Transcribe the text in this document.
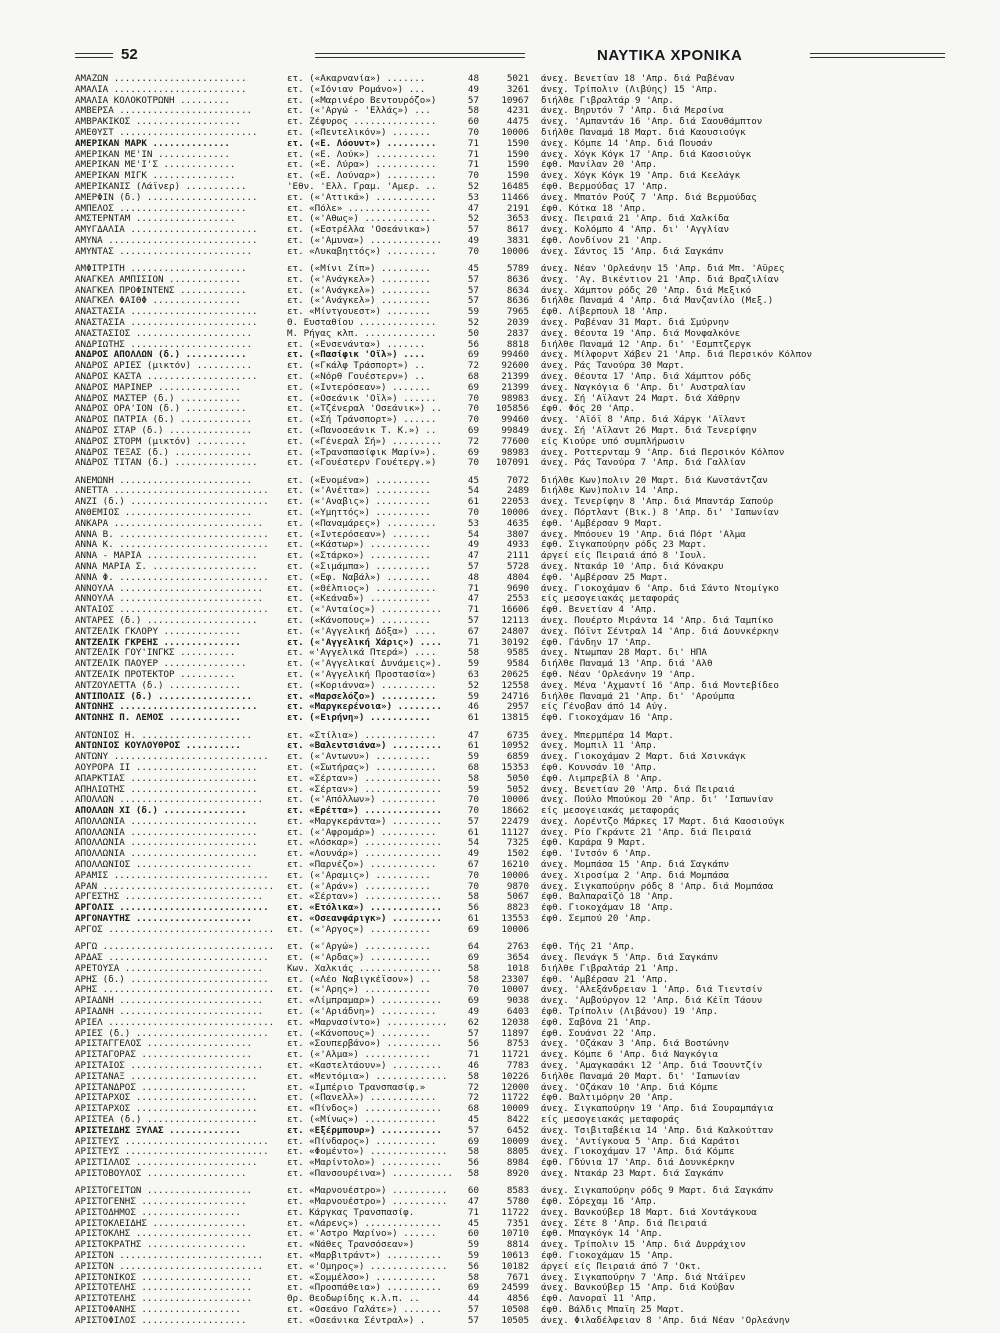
52	ΝΑΥΤΙΚΑ ΧΡΟΝΙΚΑ
ΑΜΑΖΩΝ ........................	ετ. («Ακαρνανία») .......	48	5021	άνεχ. Βενετίαν 18 'Απρ. διά Ραβέναν
ΑΜΑΛΙΑ ........................	ετ. («Ιόνιαν Ρομάνο») ...	49	3261	άνεχ. Τρίπολιν (Λιβύης) 15 'Απρ.
ΑΜΑΛΙΑ ΚΟΛΟΚΟΤΡΩΝΗ .........	ετ. («Μαρινέρο Βεντουρόζο»)	57	10967	διήλθε Γιβραλτάρ 9 'Απρ.
ΑΜΒΕΡΣΑ ........................	ετ. («'Αργώ - 'Ελλάς») ...	58	4231	άνεχ. Βηρυτόν 7 'Απρ. διά Μερσίνα
ΑΜΒΡΑΚΙΚΟΣ ...................	ετ. Ζέφυρος ...............	60	4475	άνεχ. 'Αμπαντάν 16 'Απρ. διά Σαουθάμπτον
ΑΜΕΘΥΣΤ .........................	ετ. («Πεντελικόν») .......	70	10006	διήλθε Παναμά 18 Μαρτ. διά Καουσιούγκ
ΑΜΕΡΙΚΑΝ ΜΑΡΚ ..............	ετ. («Ε. Λόουντ») .........	71	1590	άνεχ. Κόμπε 14 'Απρ. διά Πουσάν
ΑΜΕΡΙΚΑΝ ΜΕ'ΙΝ .............	ετ. («Ε. Λούκ») ...........	71	1590	άνεχ. Χόγκ Κόγκ 17 'Απρ. διά Καοσιούγκ
ΑΜΕΡΙΚΑΝ ΜΕ'Ι'Σ .............	ετ. («Ε. Λύρα») ...........	71	1590	έφθ. Μανίλαν 20 'Απρ.
ΑΜΕΡΙΚΑΝ ΜΙΓΚ ...............	ετ. («Ε. Λούναρ») .........	70	1590	άνεχ. Χόγκ Κόγκ 19 'Απρ. διά Κεελάγκ
ΑΜΕΡΙΚΑΝΙΣ (Λάϊνερ) ...........	'Εθν. 'Ελλ. Γραμ. 'Αμερ. ..	52	16485	έφθ. Βερμούδας 17 'Απρ.
ΑΜΕΡΦΙΝ (δ.) ....................	ετ. («'Αττικά») ...........	53	11466	άνεχ. Μπατόν Ρούζ 7 'Απρ. διά Βερμούδας
ΑΜΠΕΛΟΣ .......................	ετ. «Πόλε» ...............	47	2191	έφθ. Κότκα 18 'Απρ.
ΑΜΣΤΕΡΝΤΑΜ ..................	ετ. («'Αθως») .............	52	3653	άνεχ. Πειραιά 21 'Απρ. διά Χαλκίδα
ΑΜΥΓΔΑΛΙΑ .......................	ετ. («Εστρέλλα 'Οσεάνικα»)	57	8617	άνεχ. Κολόμπο 4 'Απρ. δι' 'Αγγλίαν
ΑΜΥΝΑ ...........................	ετ. («'Αμυνα») .............	49	3831	έφθ. Λονδίνον 21 'Απρ.
ΑΜΥΝΤΑΣ ........................	ετ. «Λυκαβηττός») .........	70	10006	άνεχ. Σάντος 15 'Απρ. διά Σαγκάπν
ΑΜΦΙΤΡΙΤΗ .....................	ετ. («Μίνι Ζίπ») .........	45	5789	άνεχ. Νέαν 'Ορλεάνην 15 'Απρ. διά Μπ. 'Αϋρες
ΑΝΑΓΚΕΛ ΑΜΠΙΣΙΟΝ .............	ετ. («'Ανάγκελ») .........	57	8636	άνεχ. 'Αγ. Βικέντιον 21 'Απρ. διά Βραζιλίαν
ΑΝΑΓΚΕΛ ΠΡΟΦΙΝΤΕΝΣ ............	ετ. («'Ανάγκελ») .........	57	8634	άνεχ. Χάμπτον ρόδς 20 'Απρ. διά Μεξικό
ΑΝΑΓΚΕΛ ΦΑΙΘΦ ................	ετ. («'Ανάγκελ») .........	57	8636	διήλθε Παναμά 4 'Απρ. διά Μανζανίλο (Μεξ.)
ΑΝΑΣΤΑΣΙΑ .......................	ετ. «Μίντγουεστ») ........	59	7965	έφθ. Λίβερπουλ 18 'Απρ.
ΑΝΑΣΤΑΣΙΑ .......................	Θ. Ευσταθίου ..............	52	2039	άνεχ. Ραβέναν 31 Μαρτ. διά Σμύρνην
ΑΝΑΣΤΑΣΙΟΣ .....................	Μ. Ρήγας κλπ. .............	50	2837	άνεχ. Θέουτα 19 'Απρ. διά Μονφαλκόνε
ΑΝΔΡΙΩΤΗΣ ......................	ετ. («Ενσενάντα») .......	56	8818	διήλθε Παναμά 12 'Απρ. δι' 'Εσμπτζεργκ
ΑΝΔΡΟΣ ΑΠΟΛΛΩΝ (δ.) ...........	ετ. («Πασίφικ 'Οϊλ») ....	69	99460	άνεχ. Μίλφορντ Χάβεν 21 'Απρ. διά Περσικόν Κόλπον
ΑΝΔΡΟΣ ΑΡΙΕΣ (μικτόν) ..........	ετ. («Γκάλφ Τράσπορτ») ..	72	92600	άνεχ. Ράς Τανούρα 30 Μαρτ.
ΑΝΔΡΟΣ ΚΑΣΤΑ ....................	ετ. («Νόρθ Γουέστερν») ..	68	21399	άνεχ. Θέουτα 17 'Απρ. διά Χάμπτον ρόδς
ΑΝΔΡΟΣ ΜΑΡΙΝΕΡ ...............	ετ. («Ιντερόσεαν») .......	69	21399	άνεχ. Ναγκόγια 6 'Απρ. δι' Αυστραλίαν
ΑΝΔΡΟΣ ΜΑΣΤΕΡ (δ.) ...........	ετ. («Οσεάνικ 'Οϊλ») ......	70	98983	άνεχ. Σή 'Αϊλαντ 24 Μαρτ. διά Χάθρην
ΑΝΔΡΟΣ ΟΡΑ'ΙΟΝ (δ.) ...........	ετ. («Τζένεραλ 'Οσεάνικ») ..	70	105856	έφθ. Φός 20 'Απρ.
ΑΝΔΡΟΣ ΠΑΤΡΙΑ (δ.) .............	ετ. («Σή Τράνσπορτ») ......	70	99460	άνεχ. 'Αϊόϊ 8 'Απρ. διά Χάργκ 'Αϊλαντ
ΑΝΔΡΟΣ ΣΤΑΡ (δ.) ...............	ετ. («Πανοσεάνικ Τ. Κ.») ..	69	99849	άνεχ. Σή 'Αϊλαντ 26 Μαρτ. διά Τενερίφην
ΑΝΔΡΟΣ ΣΤΟΡΜ (μικτόν) .........	ετ. («Γένεραλ Σή») .........	72	77600	είς Κιούρε υπό συμπλήρωσιν
ΑΝΔΡΟΣ ΤΕΞΑΣ (δ.) ..............	ετ. («Τρανσπασίφικ Μαρίν»).	69	98983	άνεχ. Ροττερνταμ 9 'Απρ. διά Περσικόν Κόλπον
ΑΝΔΡΟΣ ΤΙΤΑΝ (δ.) ...............	ετ. («Γουέστερν Γουέτεργ.»)	70	107091	άνεχ. Ράς Τανούρα 7 'Απρ. διά Γαλλίαν
ΑΝΕΜΩΝΗ ........................	ετ. («Ενομένα») ..........	45	7072	διήλθε Κων)πολιν 20 Μαρτ. διά Κωνστάντζαν
ΑΝΕΤΤΑ ............................	ετ. («'Ανέττα») ..........	54	2489	διήλθε Κων)πολιν 14 'Απρ.
ΑΝΖΙ (δ.) .........................	ετ. («'Αναβις») ..........	61	22053	άνεχ. Τενερίφην 8 'Απρ. διά Μπαντάρ Σαπούρ
ΑΝΘΕΜΙΟΣ .......................	ετ. («Υμηττός») ..........	70	10006	άνεχ. Πόρτλαντ (Βικ.) 8 'Απρ. δι' 'Ιαπωνίαν
ΑΝΚΑΡΑ ...........................	ετ. («Παναμάρες») .........	53	4635	έφθ. 'Αμβέρσαν 9 Μαρτ.
ΑΝΝΑ Β. ...........................	ετ. («Ιντερόσεαν») .......	54	3807	άνεχ. Μπόουεν 19 'Απρ. διά Πόρτ 'Αλμα
ΑΝΝΑ Κ. ...........................	ετ. («Κάστωρ») ...........	49	4933	έφθ. Σιγκαπούρην ρόδς 23 Μαρτ.
ΑΝΝΑ - ΜΑΡΙΑ ....................	ετ. («Στάρκο») ...........	47	2111	άργεί είς Πειραιά άπό 8 'Ιουλ.
ΑΝΝΑ ΜΑΡΙΑ Σ. ...................	ετ. («Σιμάμπα») ..........	57	5728	άνεχ. Ντακάρ 10 'Απρ. διά Κόνακρυ
ΑΝΝΑ Φ. ...........................	ετ. («Εφ. Ναβάλ») ........	48	4804	έφθ. 'Αμβέρσαν 25 Μαρτ.
ΑΝΝΟΥΛΑ ..........................	ετ. («Θέλπιος») ...........	71	9690	άνεχ. Γιοκοχάμαν 6 'Απρ. διά Σάντο Ντομίγκο
ΑΝΝΟΥΛΑ ..........................	ετ. («Κεάναδ») ...........	47	2553	είς μεσογειακάς μεταφοράς
ΑΝΤΑΙΟΣ ...........................	ετ. («'Ανταίος») ...........	71	16606	έφθ. Βενετίαν 4 'Απρ.
ΑΝΤΑΡΕΣ (δ.) ....................	ετ. («Κάνοπους») .........	57	12113	άνεχ. Πουέρτο Μιράντα 14 'Απρ. διά Ταμπίκο
ΑΝΤΖΕΛΙΚ ΓΚΛΟΡΥ ..............	ετ. («'Αγγελική Δόξα») ....	67	24807	άνεχ. Πόϊντ Σέντραλ 14 'Απρ. διά Δουνκέρκην
ΑΝΤΖΕΛΙΚ ΓΚΡΕΗΣ ..............	ετ. («'Αγγελική Χάρις») ....	71	30192	έφθ. Γάνδην 17 'Απρ.
ΑΝΤΖΕΛΙΚ ΓΟΥ'ΙΝΓΚΣ ..........	ετ. «'Αγγελικά Πτερά») ....	58	9585	άνεχ. Ντωμπαν 28 Μαρτ. δι' ΗΠΑ
ΑΝΤΖΕΛΙΚ ΠΑΟΥΕΡ ...............	ετ. («'Αγγελικαί Δυνάμεις»).	59	9584	διήλθε Παναμά 13 'Απρ. διά 'Αλθ
ΑΝΤΖΕΛΙΚ ΠΡΟΤΕΚΤΟΡ ..........	ετ. («'Αγγελική Προστασία»)	63	20625	έφθ. Νέαν 'Ορλεάνην 19 'Απρ.
ΑΝΤΖΟΥΛΕΤΤΑ (δ.) .............	ετ. («Κοριάννα») ..........	52	12558	άνεχ. Μένα 'Αχμαντί 16 'Απρ. διά Μοντεβίδεο
ΑΝΤΙΠΟΛΙΣ (δ.) .................	ετ. «Μαρσελόζο») ..........	59	24716	διήλθε Παναμά 21 'Απρ. δι' 'Αρούμπα
ΑΝΤΩΝΗΣ .........................	ετ. «Μαργκερένοια») ........	46	2957	είς Γένοβαν άπό 14 Αύγ.
ΑΝΤΩΝΗΣ Π. ΛΕΜΟΣ .............	ετ. («Ειρήνη») ...........	61	13815	έφθ. Γιοκοχάμαν 16 'Απρ.
ΑΝΤΩΝΙΟΣ Η. ....................	ετ. «Στίλια») .............	47	6735	άνεχ. Μπερμπέρα 14 Μαρτ.
ΑΝΤΩΝΙΟΣ ΚΟΥΛΟΥΘΡΟΣ ..........	ετ. «Βαλεντσιάνα») .........	61	10952	άνεχ. Μομπιλ 11 'Απρ.
ΑΝΤΩΝΥ ............................	ετ. («'Αντωνυ») ..........	59	6859	άνεχ. Γιοκοχάμαν 2 Μαρτ. διά Χσινκάγκ
ΑΟΥΡΟΡΑ ΙΙ ......................	ετ. («Σωτήρας») ...........	68	15353	έφθ. Κουνσάν 10 'Απρ.
ΑΠΑΡΚΤΙΑΣ .......................	ετ. «Σέρταν») ..............	58	5050	έφθ. Λιμπρεβίλ 8 'Απρ.
ΑΠΗΛΙΩΤΗΣ .......................	ετ. «Σέρταν») ..............	59	5052	άνεχ. Βενετίαν 20 'Απρ. διά Πειραιά
ΑΠΟΛΛΩΝ ..........................	ετ. («'Απόλλων») ..........	70	10006	άνεχ. Πούλο Μπούκομ 20 'Απρ. δι' 'Ιαπωνίαν
ΑΠΟΛΛΩΝ ΧΙ (δ.) ...............	ετ. «Ερέττα») ..............	70	18662	είς μεσογειακάς μεταφοράς
ΑΠΟΛΛΩΝΙΑ .......................	ετ. «Μαργκεράντα») .........	57	22479	άνεχ. Λορέντζο Μάρκες 17 Μαρτ. διά Καοσιούγκ
ΑΠΟΛΛΩΝΙΑ .......................	ετ. («'Αφρομάρ») ..........	61	11127	άνεχ. Ρίο Γκράντε 21 'Απρ. διά Πειραιά
ΑΠΟΛΛΩΝΙΑ .......................	ετ. «Λόσκαρ») ..............	54	7325	έφθ. Καράρα 9 Μαρτ.
ΑΠΟΛΛΩΝΙΑ .......................	ετ. «Λουνάρ») ..............	49	1502	έφθ. 'Ιντσόν 6 'Απρ.
ΑΠΟΛΛΩΝΙΟΣ .....................	ετ. «Παρνέζο») ............	67	16210	άνεχ. Μομπάσα 15 'Απρ. διά Σαγκάπν
ΑΡΑΜΙΣ ............................	ετ. («'Αραμις») ..........	70	10006	άνεχ. Χιροσίμα 2 'Απρ. διά Μομπάσα
ΑΡΑΝ ...............................	ετ. («'Αράν») ............	70	9870	άνεχ. Σιγκαπούρην ρόδς 8 'Απρ. διά Μομπάσα
ΑΡΓΕΣΤΗΣ .........................	ετ. «Σέρταν») ..............	58	5067	έφθ. Βαλπαραϊζό 18 'Απρ.
ΑΡΓΟΛΙΣ ...........................	ετ. «Ετόλικα») .............	56	8823	έφθ. Γιοκοχάμαν 18 'Απρ.
ΑΡΓΟΝΑΥΤΗΣ .....................	ετ. «Οσεανφάριγκ») .........	61	13553	έφθ. Σεμπού 20 'Απρ.
ΑΡΓΟΣ ..............................	ετ. («'Αργος») ...........	69	10006
ΑΡΓΩ ...............................	ετ. («'Αργώ») ............	64	2763	έφθ. Τής 21 'Απρ.
ΑΡΔΑΣ .............................	ετ. («'Αρδας») ...........	69	3654	άνεχ. Πενάγκ 5 'Απρ. διά Σαγκάπν
ΑΡΕΤΟΥΣΑ .........................	Κων. Χαλκιάς ...............	58	1018	διήλθε Γιβραλτάρ 21 'Απρ.
ΑΡΗΣ (δ.) .........................	ετ. («Λέο Ναβιγκέϊσον») ..	58	23307	έφθ. 'Αμβέρσαν 21 'Απρ.
ΑΡΗΣ ...............................	ετ. («'Αρης») ............	70	10007	άνεχ. 'Αλεξάνδρειαν 1 'Απρ. διά Τιεντσίν
ΑΡΙΑΔΝΗ ..........................	ετ. «Λίμπραμαρ») ...........	69	9038	άνεχ. 'Αμβούργον 12 'Απρ. διά Κέϊπ Τάουν
ΑΡΙΑΔΝΗ ..........................	ετ. («'Αριάδνη») ..........	49	6403	έφθ. Τρίπολιν (Λιβάνου) 19 'Απρ.
ΑΡΙΕΛ ..............................	ετ. «Μαρνασίντο») ...........	62	12038	έφθ. Σαβόνα 21 'Απρ.
ΑΡΙΕΣ (δ.) ........................	ετ. («Κάνοπους») .........	57	11897	έφθ. Σουάνσι 22 'Απρ.
ΑΡΙΣΤΑΓΓΕΛΟΣ ...................	ετ. «Σουπερβάνο») ..........	56	8753	άνεχ. 'Οζάκαν 3 'Απρ. διά Βοστώνην
ΑΡΙΣΤΑΓΟΡΑΣ ....................	ετ. («'Αλμα») ............	71	11721	άνεχ. Κόμπε 6 'Απρ. διά Ναγκόγια
ΑΡΙΣΤΑΙΟΣ ........................	ετ. «Καστελτάουν») .........	46	7783	άνεχ. 'Αμαγκασάκι 12 'Απρ. διά Τσουντζίν
ΑΡΙΣΤΑΝΑΞ .......................	ετ. «Μεντόμια») .............	58	10226	διήλθε Παναμά 20 Μαρτ. δι' 'Ιαπωνίαν
ΑΡΙΣΤΑΝΔΡΟΣ ...................	ετ. «Ιμπέριο Τρανσπασίφ.»	72	12000	άνεχ. 'Οζάκαν 10 'Απρ. διά Κόμπε
ΑΡΙΣΤΑΡΧΟΣ ......................	ετ. («Πανελλ») ............	72	11722	έφθ. Βαλτιμόρην 20 'Απρ.
ΑΡΙΣΤΑΡΧΟΣ ......................	ετ. «Πίνδος») ..............	68	10009	άνεχ. Σιγκαπούρην 19 'Απρ. διά Σουραμπάγια
ΑΡΙΣΤΕΑ (δ.) ....................	ετ. («Μίνως») .............	45	8422	είς μεσογειακάς μεταφοράς
ΑΡΙΣΤΕΙΔΗΣ ΞΥΛΑΣ .............	ετ. «Εξέρμπουρ») ...........	57	6452	άνεχ. Τσιβιταβέκια 14 'Απρ. διά Καλκούτταν
ΑΡΙΣΤΕΥΣ ..........................	ετ. «Πίνδαρος») ...........	69	10009	άνεχ. 'Αντίγκουα 5 'Απρ. διά Καράτσι
ΑΡΙΣΤΕΥΣ ..........................	ετ. «Φομέντο») ..............	58	8805	άνεχ. Γιοκοχάμαν 17 'Απρ. διά Κόμπε
ΑΡΙΣΤΙΛΛΟΣ ......................	ετ. «Μαρίντολο») ...........	56	8984	έφθ. Γδύνια 17 'Απρ. διά Δουνκέρκην
ΑΡΙΣΤΟΒΟΥΛΟΣ ..................	ετ. «Πανσουρέινα») ...........	58	8920	άνεχ. Ντακάρ 23 Μαρτ. διά Σαγκάπν
ΑΡΙΣΤΟΓΕΙΤΩΝ ...................	ετ. «Μαρνουέστρο») ..........	60	8583	άνεχ. Σιγκαπούρην ρόδς 9 Μαρτ. διά Σαγκάπν
ΑΡΙΣΤΟΓΕΝΗΣ ...................	ετ. «Μαρνουέστρο») ..........	47	5780	έφθ. Σόρεχαμ 16 'Απρ.
ΑΡΙΣΤΟΔΗΜΟΣ ..................	ετ. Κάργκας Τρανσπασίφ.	71	11722	άνεχ. Βανκούβερ 18 Μαρτ. διά Χοντάγκουα
ΑΡΙΣΤΟΚΛΕΙΔΗΣ .................	ετ. «Λάρενς») ..............	45	7351	άνεχ. Σέτε 8 'Απρ. διά Πειραιά
ΑΡΙΣΤΟΚΛΗΣ .....................	ετ. «'Αστρο Μαρίνο») ......	60	10710	έφθ. Μπαγκόγκ 14 'Απρ.
ΑΡΙΣΤΟΚΡΑΤΗΣ ..................	ετ. «Νάθες Τρανσόσεαν»)	59	8814	άνεχ. Τρίπολιν 15 'Απρ. διά Δυρράχιον
ΑΡΙΣΤΟΝ ..........................	ετ. «Μαρβιτράντ») ..........	59	10613	έφθ. Γιοκοχάμαν 15 'Απρ.
ΑΡΙΣΤΟΝ ..........................	ετ. «'Ομηρος») ..............	56	10182	άργεί είς Πειραιά άπό 7 'Οκτ.
ΑΡΙΣΤΟΝΙΚΟΣ ....................	ετ. «Σομμέλσο») ...........	58	7671	άνεχ. Σιγκαπούρην 7 'Απρ. διά Ντάϊρεν
ΑΡΙΣΤΟΤΕΛΗΣ ....................	ετ. «Προσπάθεια») ..........	69	24599	άνεχ. Βανκούβερ 15 'Απρ. διά Κούβαν
ΑΡΙΣΤΟΤΕΛΗΣ ....................	Θρ. Θεοδωρίδης κ.λ.π. ..	44	4856	έφθ. Λανοραϊ 11 'Απρ.
ΑΡΙΣΤΟΦΑΝΗΣ ..................	ετ. «Οσεάνο Γαλάτε») .......	57	10508	έφθ. Βάλδις Μπαϊη 25 Μαρτ.
ΑΡΙΣΤΟΦΙΛΟΣ ...................	ετ. «Οσεάνικα Σέντραλ») .	57	10505	άνεχ. Φιλαδέλφειαν 8 'Απρ. διά Νέαν 'Ορλεάνην
